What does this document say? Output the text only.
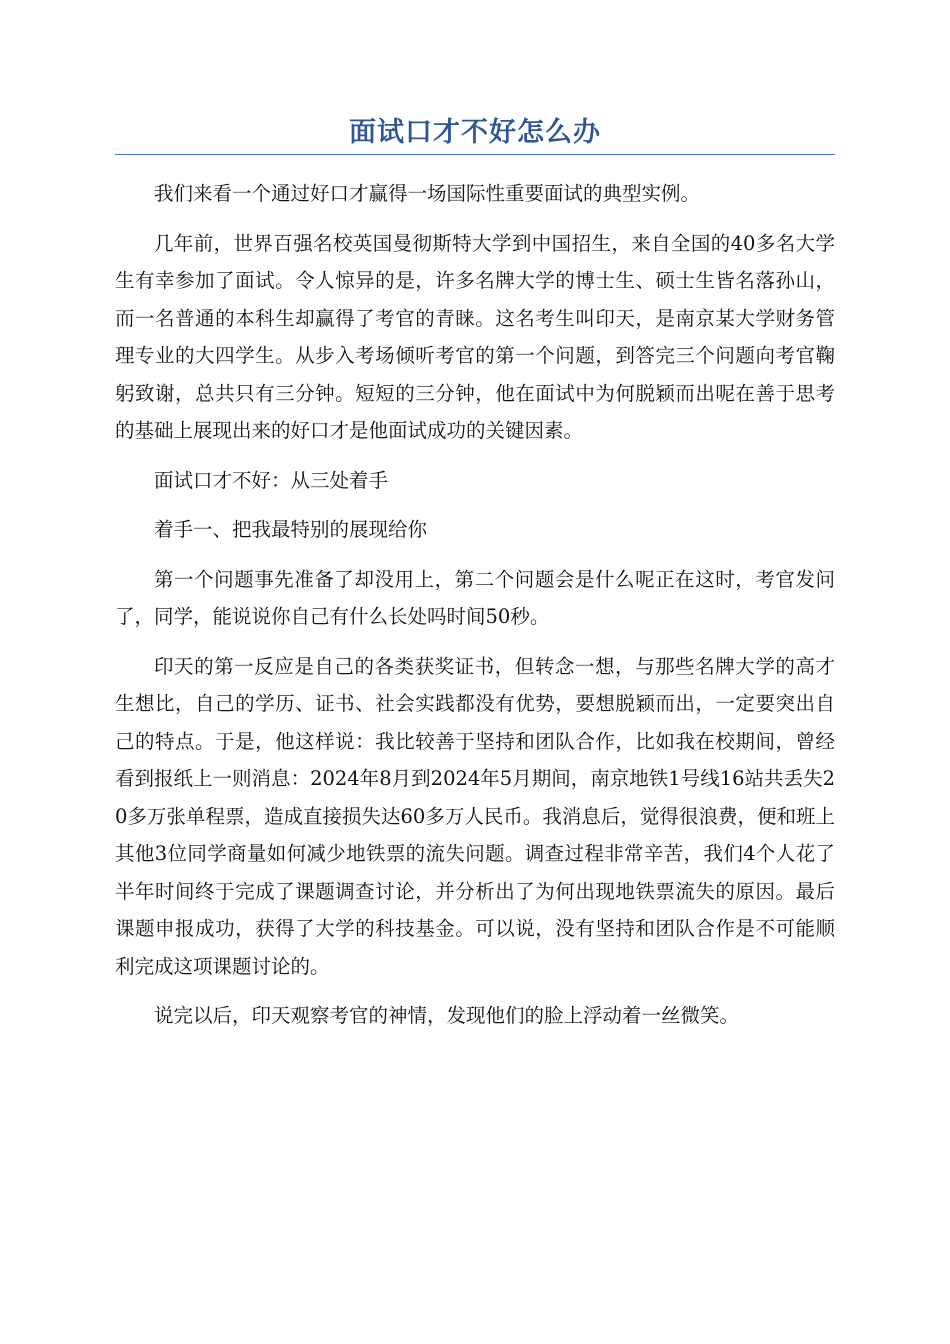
面试口才不好怎么办

我们来看一个通过好口才赢得一场国际性重要面试的典型实例。

几年前，世界百强名校英国曼彻斯特大学到中国招生，来自全国的40多名大学生有幸参加了面试。令人惊异的是，许多名牌大学的博士生、硕士生皆名落孙山，而一名普通的本科生却赢得了考官的青睐。这名考生叫印天，是南京某大学财务管理专业的大四学生。从步入考场倾听考官的第一个问题，到答完三个问题向考官鞠躬致谢，总共只有三分钟。短短的三分钟，他在面试中为何脱颖而出呢在善于思考的基础上展现出来的好口才是他面试成功的关键因素。

面试口才不好：从三处着手

着手一、把我最特别的展现给你

第一个问题事先准备了却没用上，第二个问题会是什么呢正在这时，考官发问了，同学，能说说你自己有什么长处吗时间50秒。

印天的第一反应是自己的各类获奖证书，但转念一想，与那些名牌大学的高才生想比，自己的学历、证书、社会实践都没有优势，要想脱颖而出，一定要突出自己的特点。于是，他这样说：我比较善于坚持和团队合作，比如我在校期间，曾经看到报纸上一则消息：2024年8月到2024年5月期间，南京地铁1号线16站共丢失20多万张单程票，造成直接损失达60多万人民币。我消息后，觉得很浪费，便和班上其他3位同学商量如何减少地铁票的流失问题。调查过程非常辛苦，我们4个人花了半年时间终于完成了课题调查讨论，并分析出了为何出现地铁票流失的原因。最后课题申报成功，获得了大学的科技基金。可以说，没有坚持和团队合作是不可能顺利完成这项课题讨论的。

说完以后，印天观察考官的神情，发现他们的脸上浮动着一丝微笑。
